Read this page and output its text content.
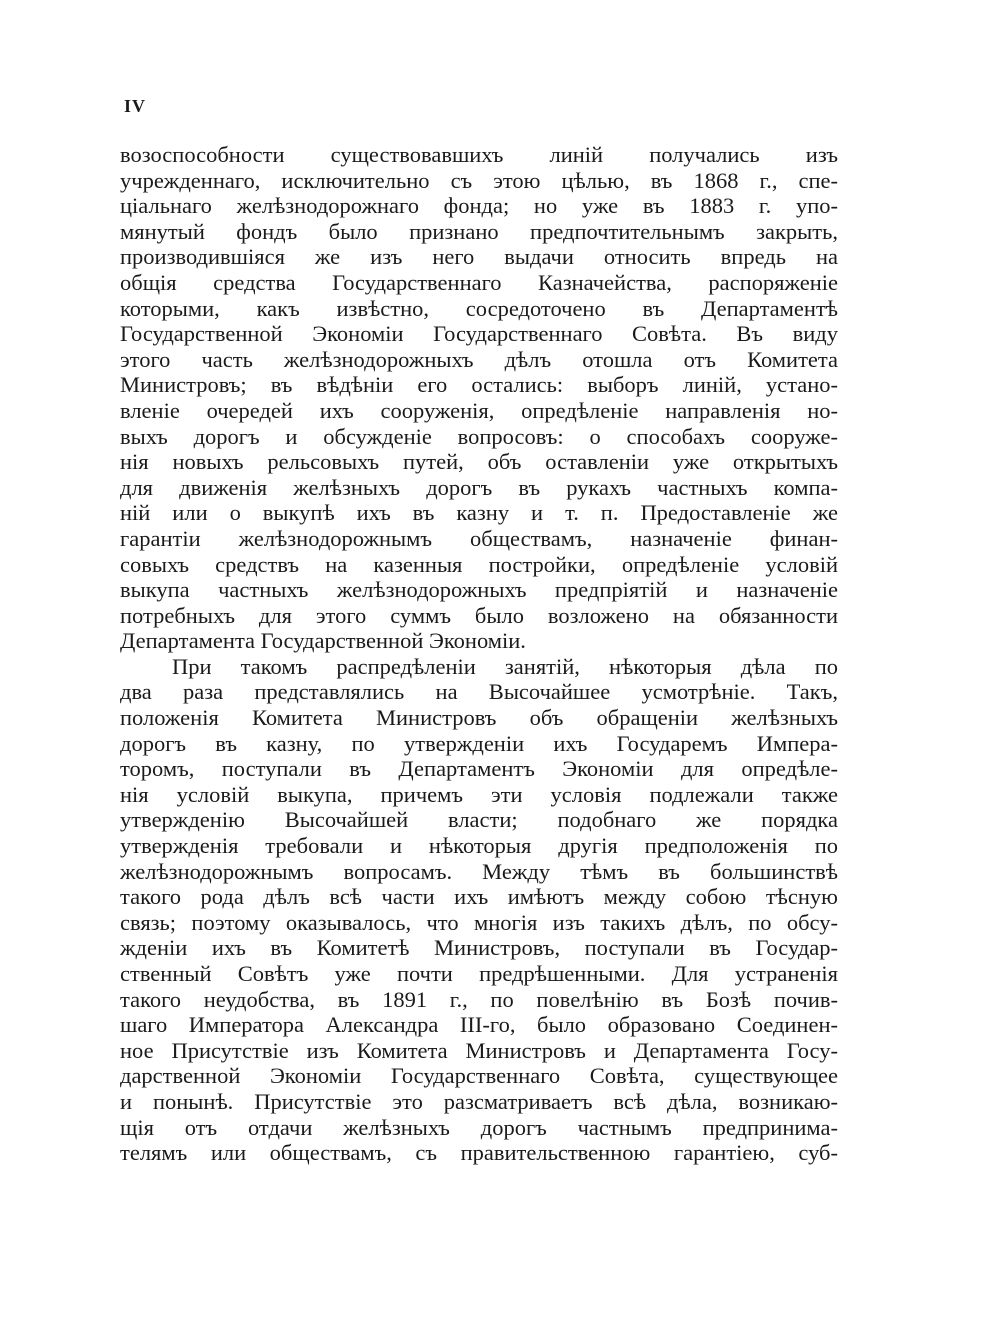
IV
возоспособности существовавшихъ линій получались изъ
учрежденнаго, исключительно съ этою цѣлью, въ 1868 г., спе-
ціальнаго желѣзнодорожнаго фонда; но уже въ 1883 г. упо-
мянутый фондъ было признано предпочтительнымъ закрыть,
производившіяся же изъ него выдачи относить впредь на
общія средства Государственнаго Казначейства, распоряженіе
которыми, какъ извѣстно, сосредоточено въ Департаментѣ
Государственной Экономіи Государственнаго Совѣта. Въ виду
этого часть желѣзнодорожныхъ дѣлъ отошла отъ Комитета
Министровъ; въ вѣдѣніи его остались: выборъ линій, устано-
вленіе очередей ихъ сооруженія, опредѣленіе направленія но-
выхъ дорогъ и обсужденіе вопросовъ: о способахъ сооруже-
нія новыхъ рельсовыхъ путей, объ оставленіи уже открытыхъ
для движенія желѣзныхъ дорогъ въ рукахъ частныхъ компа-
ній или о выкупѣ ихъ въ казну и т. п. Предоставленіе же
гарантіи желѣзнодорожнымъ обществамъ, назначеніе финан-
совыхъ средствъ на казенныя постройки, опредѣленіе условій
выкупа частныхъ желѣзнодорожныхъ предпріятій и назначеніе
потребныхъ для этого суммъ было возложено на обязанности
Департамента Государственной Экономіи.
При такомъ распредѣленіи занятій, нѣкоторыя дѣла по
два раза представлялись на Высочайшее усмотрѣніе. Такъ,
положенія Комитета Министровъ объ обращеніи желѣзныхъ
дорогъ въ казну, по утвержденіи ихъ Государемъ Импера-
торомъ, поступали въ Департаментъ Экономіи для опредѣле-
нія условій выкупа, причемъ эти условія подлежали также
утвержденію Высочайшей власти; подобнаго же порядка
утвержденія требовали и нѣкоторыя другія предположенія по
желѣзнодорожнымъ вопросамъ. Между тѣмъ въ большинствѣ
такого рода дѣлъ всѣ части ихъ имѣютъ между собою тѣсную
связь; поэтому оказывалось, что многія изъ такихъ дѣлъ, по обсу-
жденіи ихъ въ Комитетѣ Министровъ, поступали въ Государ-
ственный Совѣтъ уже почти предрѣшенными. Для устраненія
такого неудобства, въ 1891 г., по повелѣнію въ Бозѣ почив-
шаго Императора Александра III-го, было образовано Соединен-
ное Присутствіе изъ Комитета Министровъ и Департамента Госу-
дарственной Экономіи Государственнаго Совѣта, существующее
и понынѣ. Присутствіе это разсматриваетъ всѣ дѣла, возникаю-
щія отъ отдачи желѣзныхъ дорогъ частнымъ предпринима-
телямъ или обществамъ, съ правительственною гарантіею, суб-
